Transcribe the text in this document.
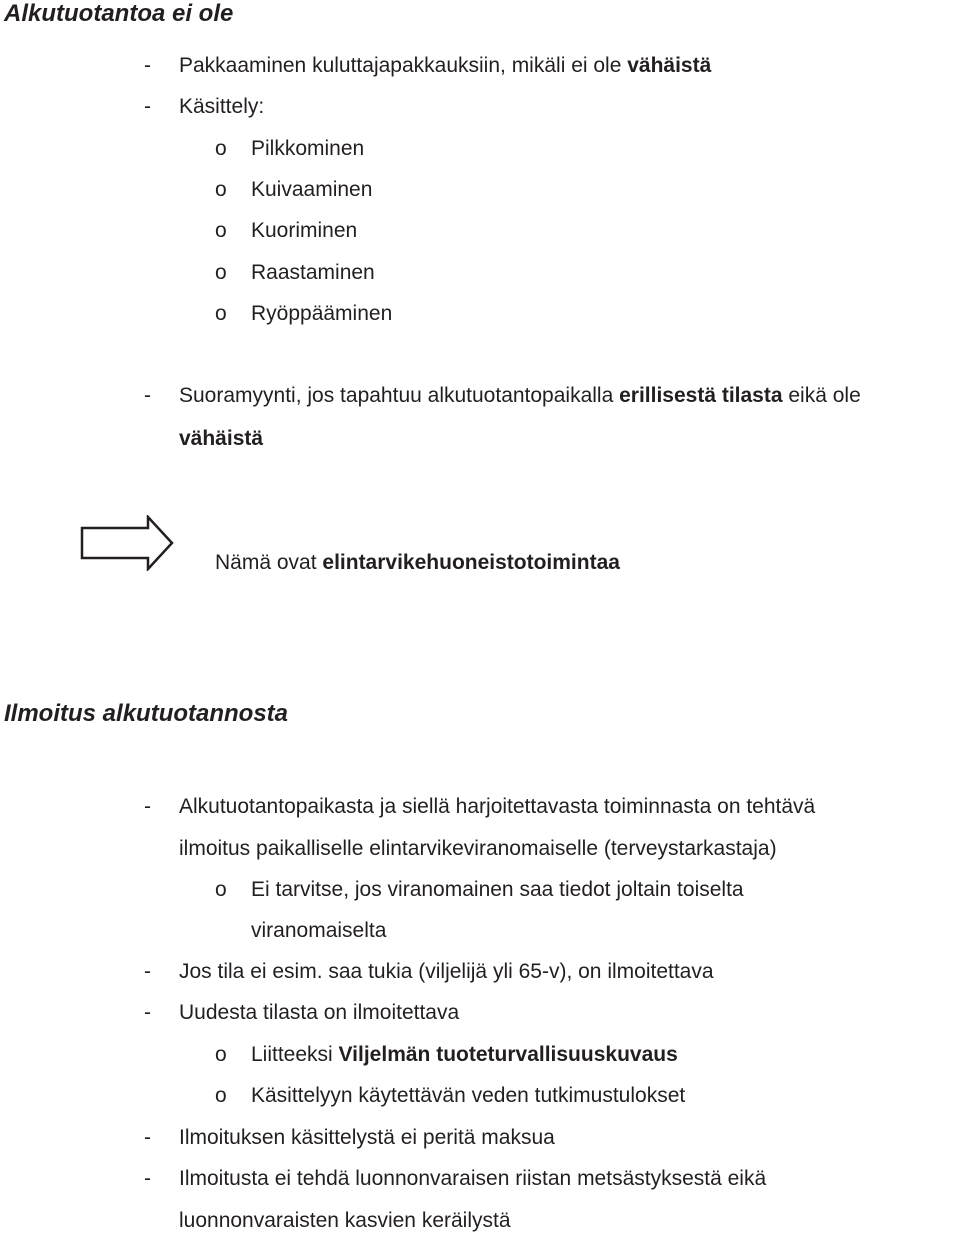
Alkutuotantoa ei ole
- Pakkaaminen kuluttajapakkauksiin, mikäli ei ole vähäistä
- Käsittely:
o Pilkkominen
o Kuivaaminen
o Kuoriminen
o Raastaminen
o Ryöppääminen
- Suoramyynti, jos tapahtuu alkutuotantopaikalla erillisestä tilasta eikä ole
vähäistä
Nämä ovat elintarvikehuoneistotoimintaa
Ilmoitus alkutuotannosta
- Alkutuotantopaikasta ja siellä harjoitettavasta toiminnasta on tehtävä
ilmoitus paikalliselle elintarvikeviranomaiselle (terveystarkastaja)
o Ei tarvitse, jos viranomainen saa tiedot joltain toiselta
viranomaiselta
- Jos tila ei esim. saa tukia (viljelijä yli 65-v), on ilmoitettava
- Uudesta tilasta on ilmoitettava
o Liitteeksi Viljelmän tuoteturvallisuuskuvaus
o Käsittelyyn käytettävän veden tutkimustulokset
- Ilmoituksen käsittelystä ei peritä maksua
- Ilmoitusta ei tehdä luonnonvaraisen riistan metsästyksestä eikä
luonnonvaraisten kasvien keräilystä
